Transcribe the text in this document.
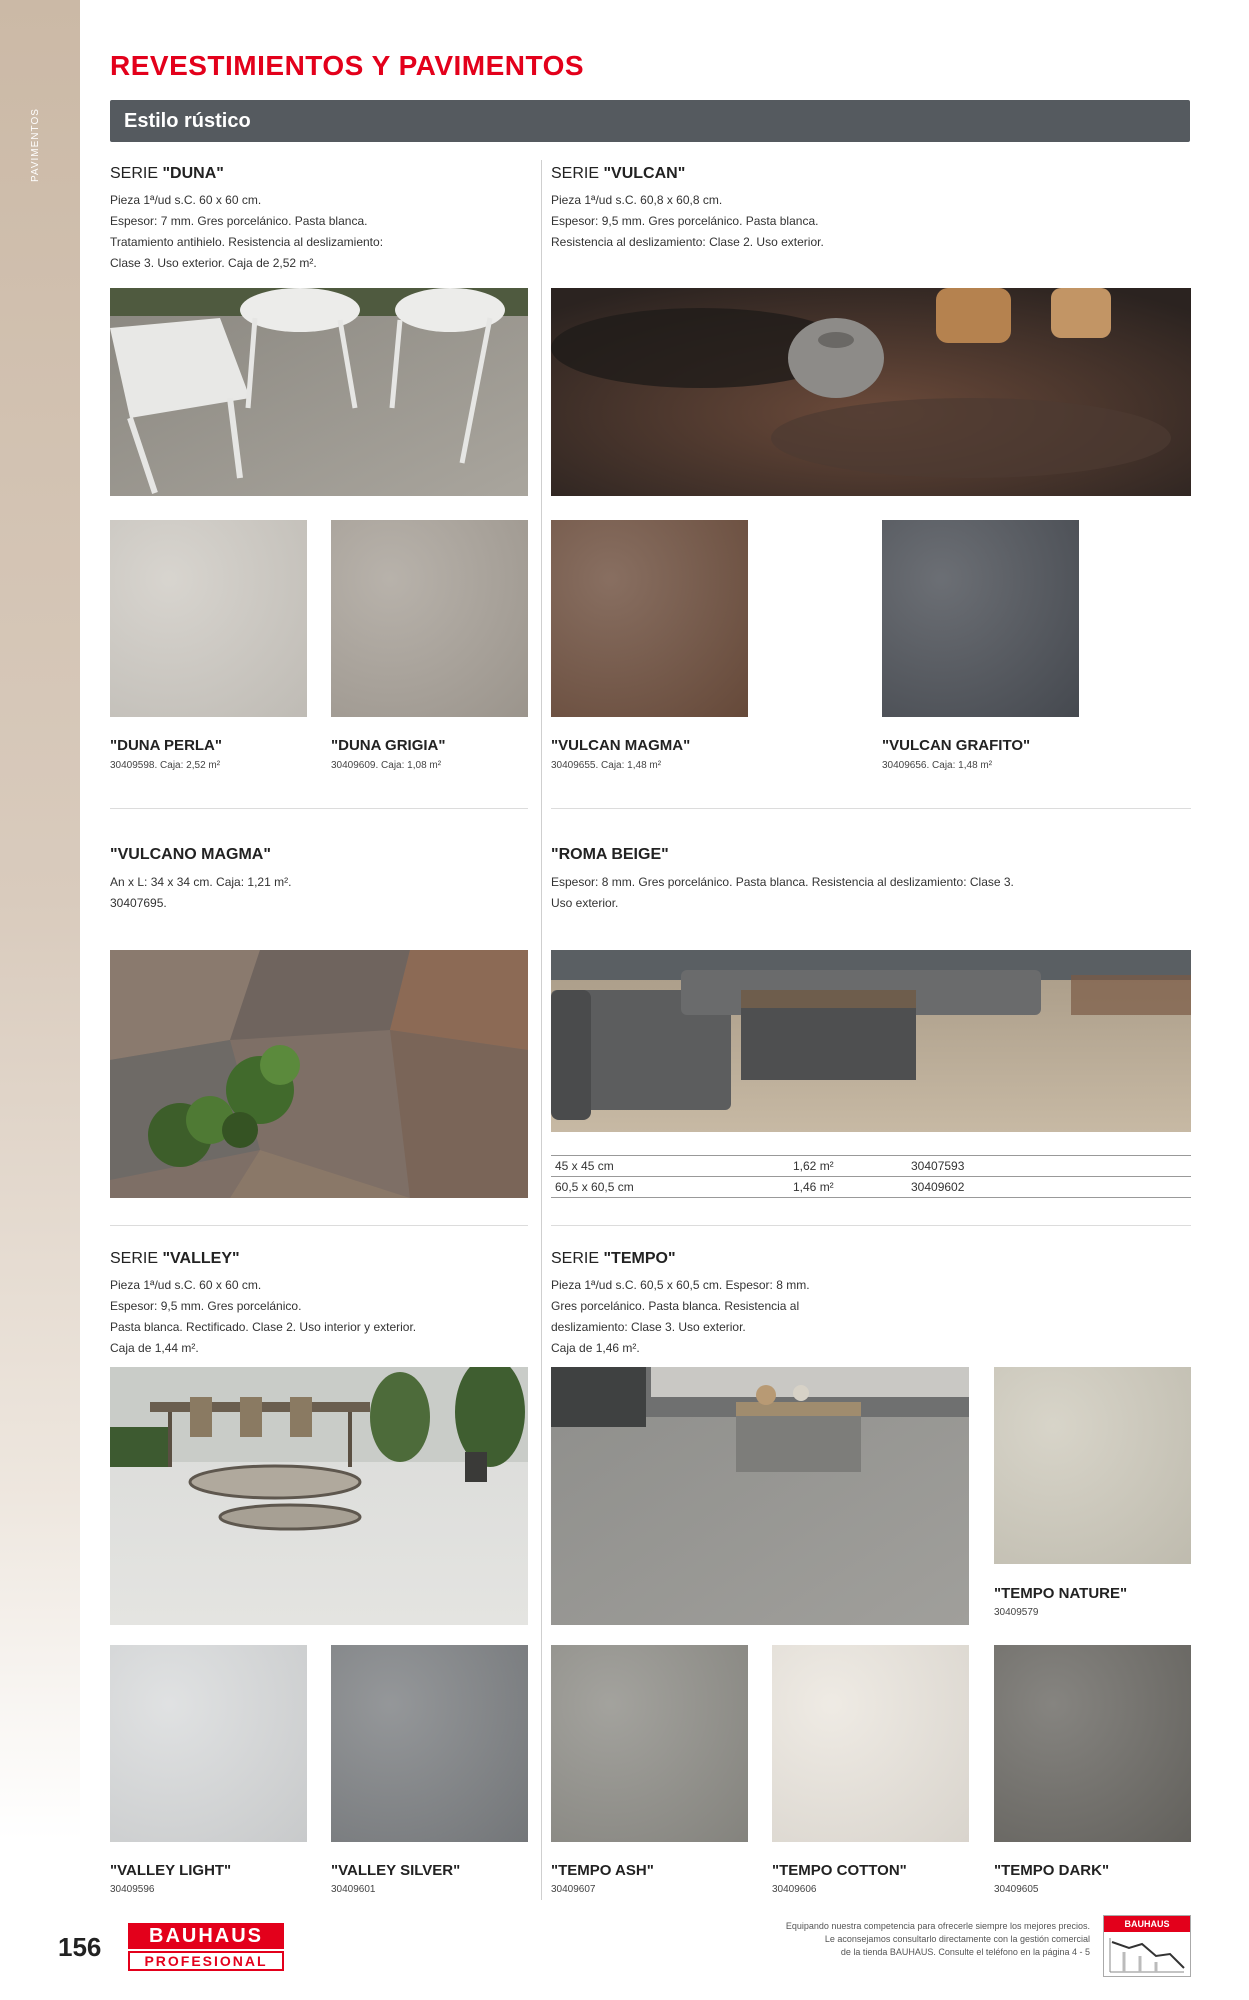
PAVIMENTOS
REVESTIMIENTOS Y PAVIMENTOS
Estilo rústico
SERIE "DUNA"
Pieza 1ª/ud s.C. 60 x 60 cm.
Espesor: 7 mm. Gres porcelánico. Pasta blanca.
Tratamiento antihielo. Resistencia al deslizamiento:
Clase 3. Uso exterior. Caja de 2,52 m².
"DUNA PERLA"
30409598. Caja: 2,52 m²
"DUNA GRIGIA"
30409609. Caja: 1,08 m²
SERIE "VULCAN"
Pieza 1ª/ud s.C. 60,8 x 60,8 cm.
Espesor: 9,5 mm. Gres porcelánico. Pasta blanca.
Resistencia al deslizamiento: Clase 2. Uso exterior.
"VULCAN MAGMA"
30409655. Caja: 1,48 m²
"VULCAN GRAFITO"
30409656. Caja: 1,48 m²
"VULCANO MAGMA"
An x L: 34 x 34 cm. Caja: 1,21 m².
30407695.
"ROMA BEIGE"
Espesor: 8 mm. Gres porcelánico. Pasta blanca. Resistencia al deslizamiento: Clase 3.
Uso exterior.
45 x 45 cm	1,62 m²	30407593
60,5 x 60,5 cm	1,46 m²	30409602
SERIE "VALLEY"
Pieza 1ª/ud s.C. 60 x 60 cm.
Espesor: 9,5 mm. Gres porcelánico.
Pasta blanca. Rectificado. Clase 2. Uso interior y exterior.
Caja de 1,44 m².
"VALLEY LIGHT"
30409596
"VALLEY SILVER"
30409601
SERIE "TEMPO"
Pieza 1ª/ud s.C. 60,5 x 60,5 cm. Espesor: 8 mm.
Gres porcelánico. Pasta blanca. Resistencia al
deslizamiento: Clase 3. Uso exterior.
Caja de 1,46 m².
"TEMPO NATURE"
30409579
"TEMPO ASH"
30409607
"TEMPO COTTON"
30409606
"TEMPO DARK"
30409605
156	BAUHAUS
PROFESIONAL
Equipando nuestra competencia para ofrecerle siempre los mejores precios.
Le aconsejamos consultarlo directamente con la gestión comercial
de la tienda BAUHAUS. Consulte el teléfono en la página 4 - 5
BAUHAUS
